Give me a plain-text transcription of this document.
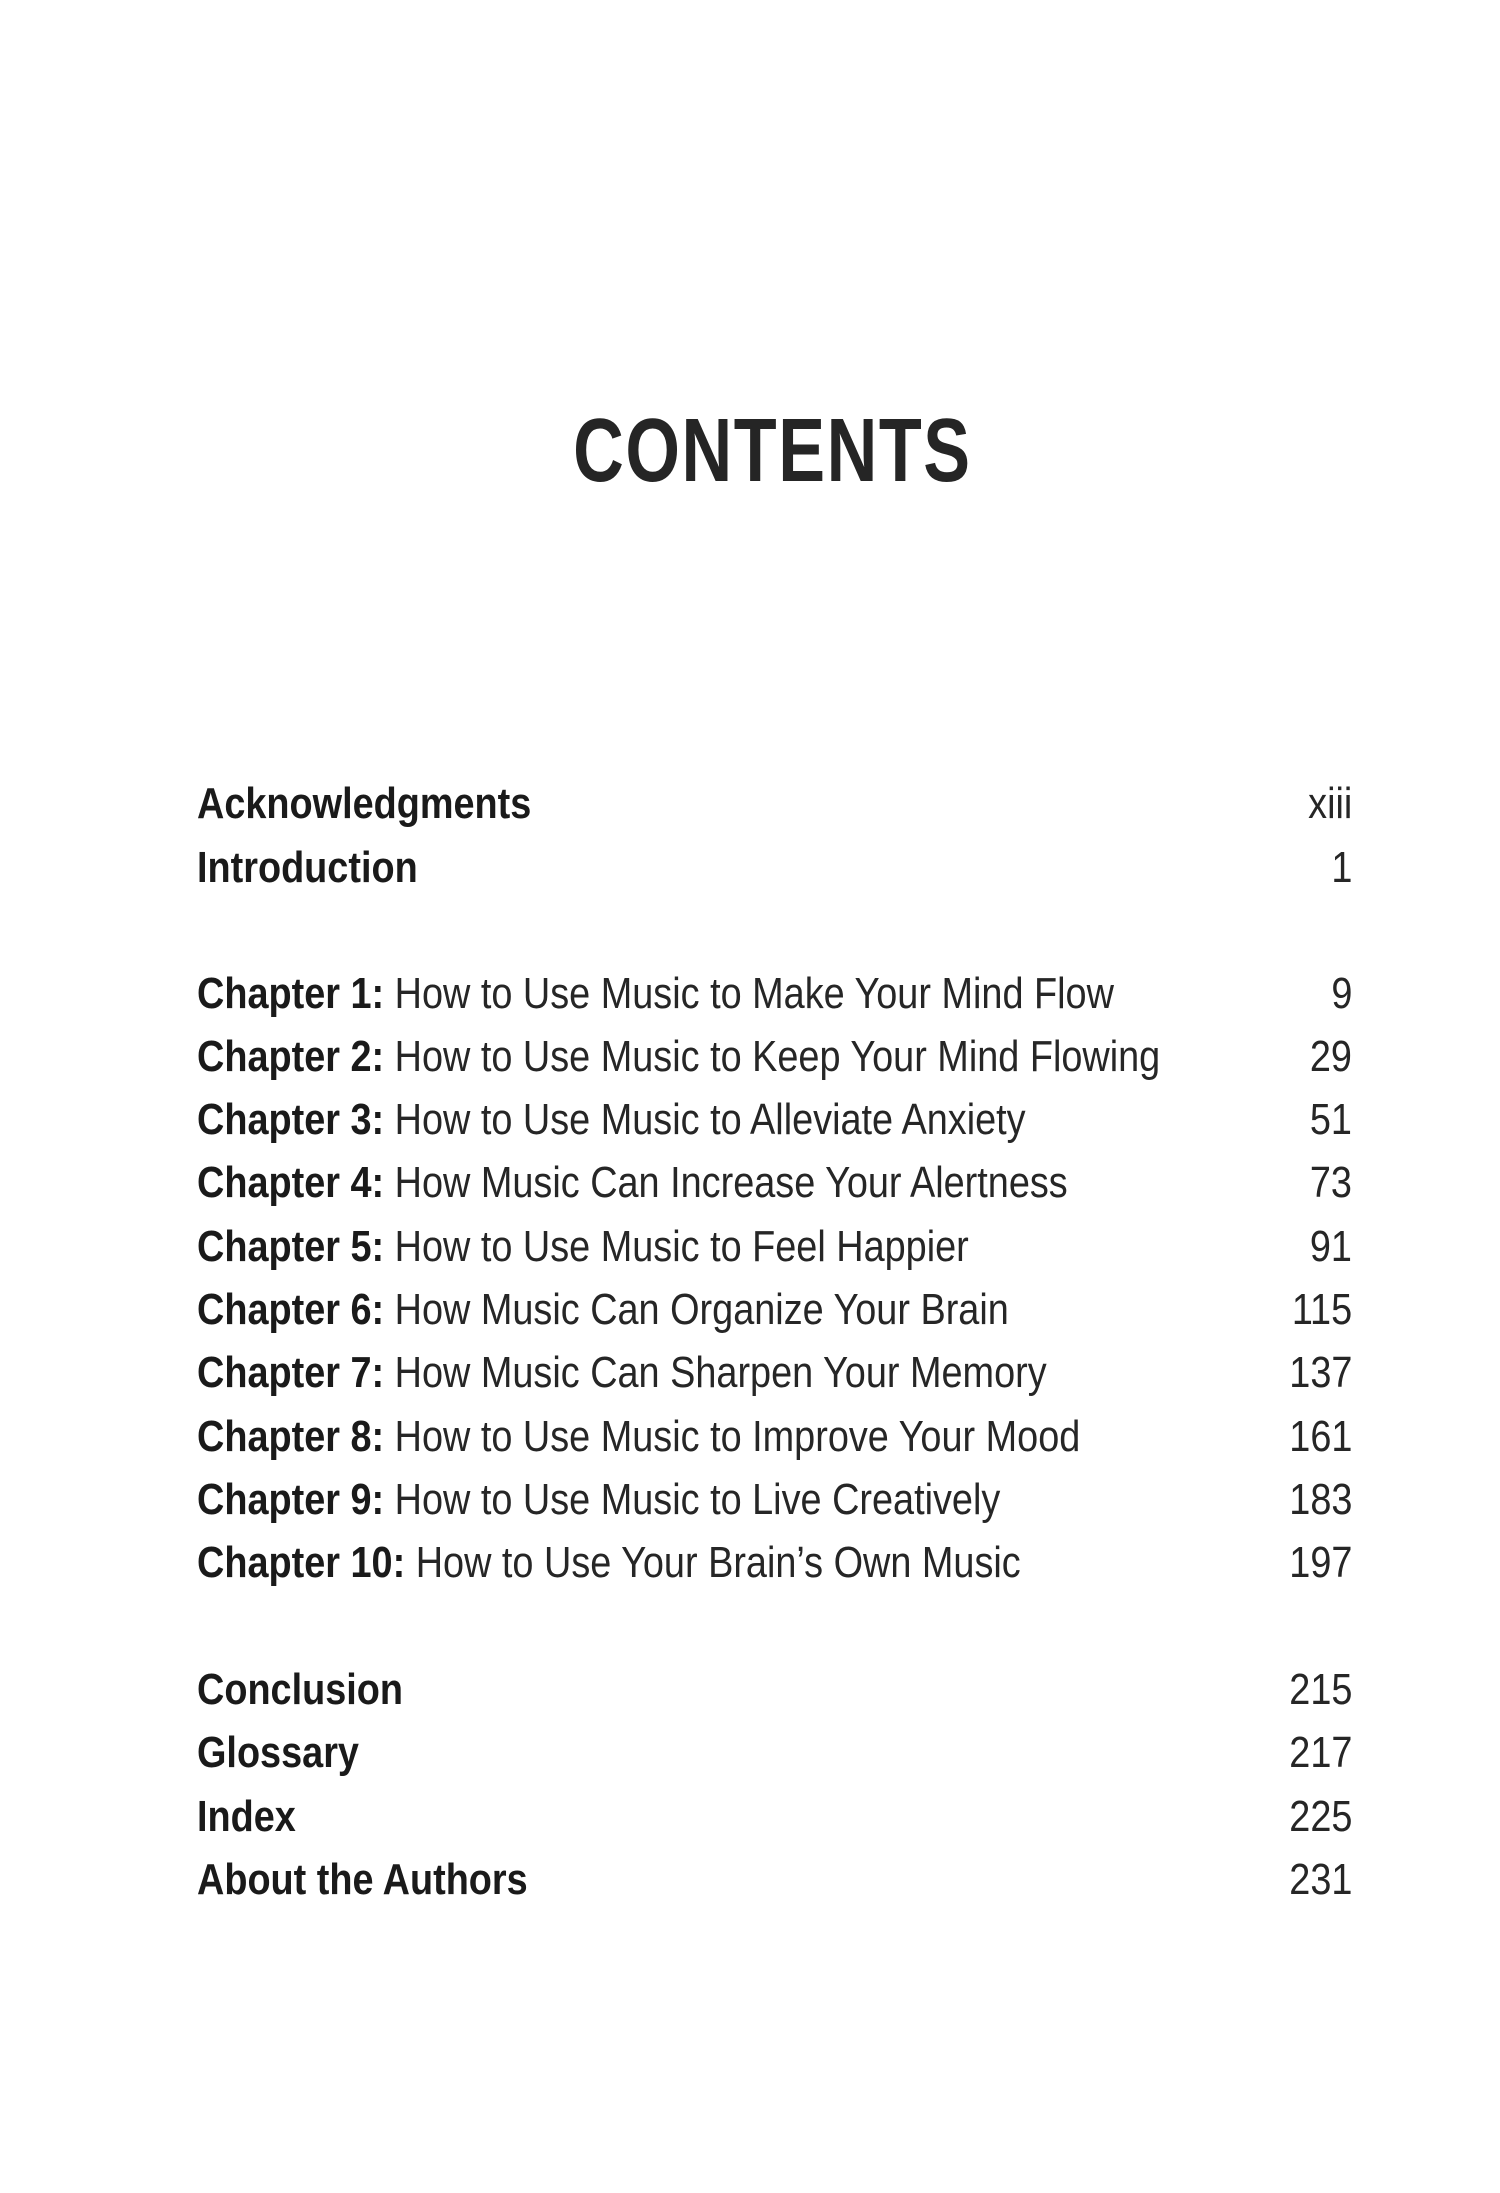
CONTENTS
Acknowledgments	xiii
Introduction	1
Chapter 1: How to Use Music to Make Your Mind Flow	9
Chapter 2: How to Use Music to Keep Your Mind Flowing	29
Chapter 3: How to Use Music to Alleviate Anxiety	51
Chapter 4: How Music Can Increase Your Alertness	73
Chapter 5: How to Use Music to Feel Happier	91
Chapter 6: How Music Can Organize Your Brain	115
Chapter 7: How Music Can Sharpen Your Memory	137
Chapter 8: How to Use Music to Improve Your Mood	161
Chapter 9: How to Use Music to Live Creatively	183
Chapter 10: How to Use Your Brain’s Own Music	197
Conclusion	215
Glossary	217
Index	225
About the Authors	231
